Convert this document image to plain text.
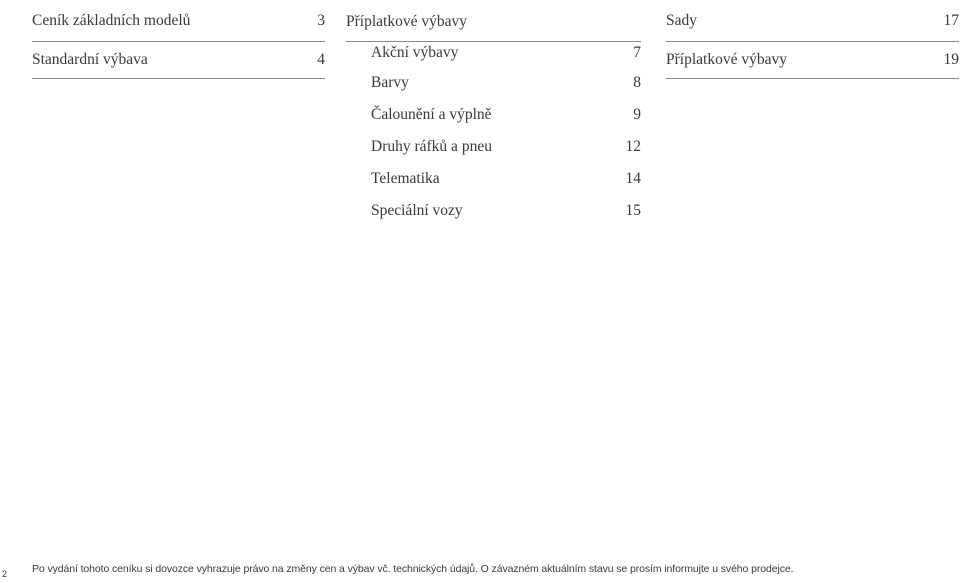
Ceník základních modelů	3
Standardní výbava	4
Příplatkové výbavy
Akční výbavy	7
Barvy	8
Čalounění a výplně	9
Druhy ráfků a pneu	12
Telematika	14
Speciální vozy	15
Sady	17
Příplatkové výbavy	19
2 Po vydání tohoto ceníku si dovozce vyhrazuje právo na změny cen a výbav vč. technických údajů. O závazném aktuálním stavu se prosím informujte u svého prodejce.
